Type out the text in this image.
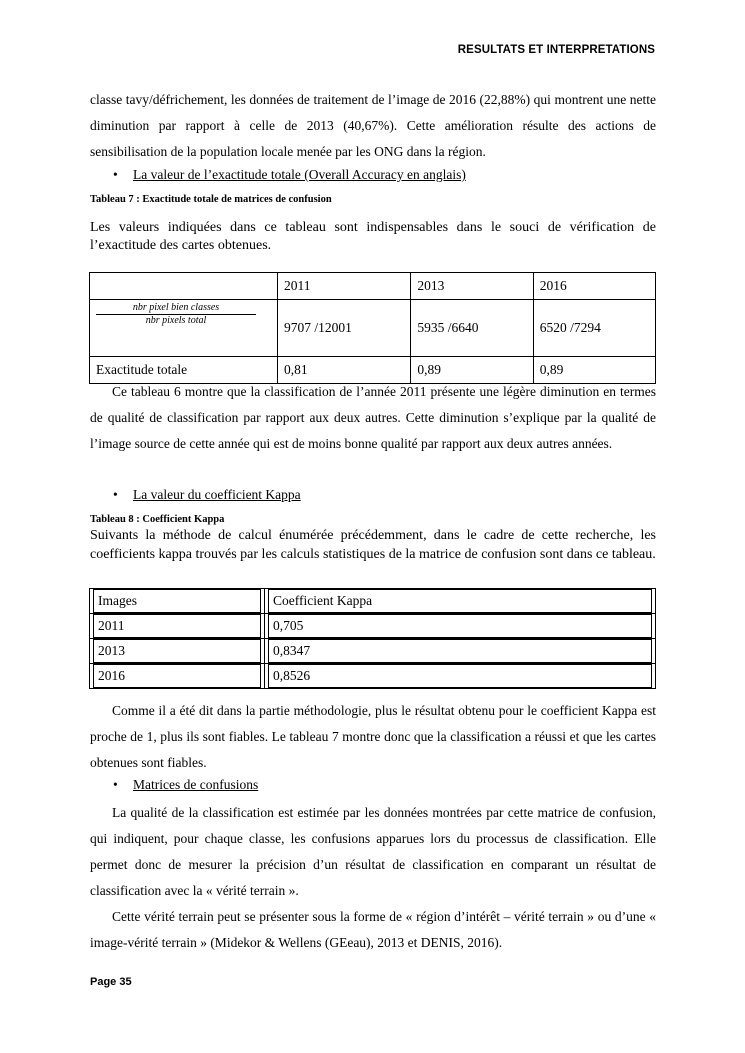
RESULTATS ET INTERPRETATIONS

classe tavy/défrichement, les données de traitement de l’image de 2016 (22,88%) qui montrent une nette diminution par rapport à celle de 2013 (40,67%). Cette amélioration résulte des actions de sensibilisation de la population locale menée par les ONG dans la région.

• La valeur de l’exactitude totale (Overall Accuracy en anglais)
Tableau 7 : Exactitude totale de matrices de confusion

Les valeurs indiquées dans ce tableau sont indispensables dans le souci de vérification de l’exactitude des cartes obtenues.

	2011	2013	2016

nbr pixel bien classes
nbr pixels total	9707 /12001	5935 /6640	6520 /7294
Exactitude totale	0,81	0,89	0,89

Ce tableau 6 montre que la classification de l’année 2011 présente une légère diminution en termes de qualité de classification par rapport aux deux autres. Cette diminution s’explique par la qualité de l’image source de cette année qui est de moins bonne qualité par rapport aux deux autres années.

• La valeur du coefficient Kappa
Tableau 8 : Coefficient Kappa

Suivants la méthode de calcul énumérée précédemment, dans le cadre de cette recherche, les coefficients kappa trouvés par les calculs statistiques de la matrice de confusion sont dans ce tableau.

Images	Coefficient Kappa

2011	0,705

2013	0,8347

2016	0,8526

Comme il a été dit dans la partie méthodologie, plus le résultat obtenu pour le coefficient Kappa est proche de 1, plus ils sont fiables. Le tableau 7 montre donc que la classification a réussi et que les cartes obtenues sont fiables.

• Matrices de confusions

La qualité de la classification est estimée par les données montrées par cette matrice de confusion, qui indiquent, pour chaque classe, les confusions apparues lors du processus de classification. Elle permet donc de mesurer la précision d’un résultat de classification en comparant un résultat de classification avec la « vérité terrain ».

Cette vérité terrain peut se présenter sous la forme de « région d’intérêt – vérité terrain » ou d’une « image-vérité terrain » (Midekor & Wellens (GEeau), 2013 et DENIS, 2016).

Page 35
